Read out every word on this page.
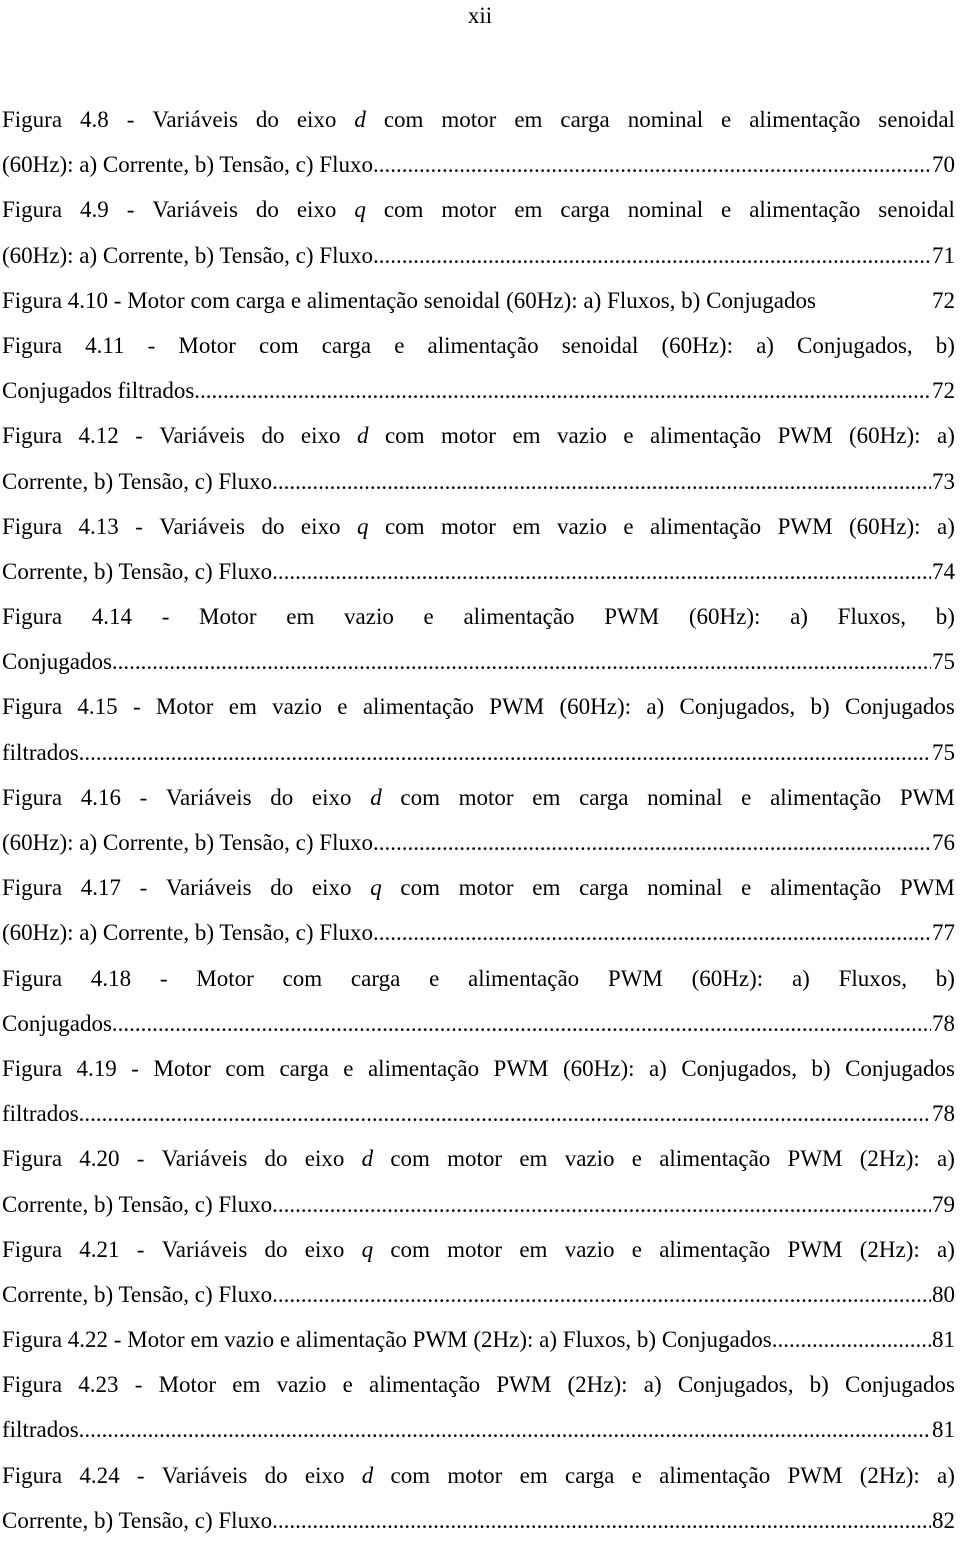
xii
Figura 4.8 - Variáveis do eixo d com motor em carga nominal e alimentação senoidal
(60Hz): a) Corrente, b) Tensão, c) Fluxo .....	70
Figura 4.9 - Variáveis do eixo q com motor em carga nominal e alimentação senoidal
(60Hz): a) Corrente, b) Tensão, c) Fluxo .....	71
Figura 4.10 - Motor com carga e alimentação senoidal (60Hz): a) Fluxos, b) Conjugados	72
Figura 4.11 - Motor com carga e alimentação senoidal (60Hz): a) Conjugados, b)
Conjugados filtrados .....	72
Figura 4.12 - Variáveis do eixo d com motor em vazio e alimentação PWM (60Hz): a)
Corrente, b) Tensão, c) Fluxo .....	73
Figura 4.13 - Variáveis do eixo q com motor em vazio e alimentação PWM (60Hz): a)
Corrente, b) Tensão, c) Fluxo .....	74
Figura 4.14 - Motor em vazio e alimentação PWM (60Hz): a) Fluxos, b)
Conjugados .....	75
Figura 4.15 - Motor em vazio e alimentação PWM (60Hz): a) Conjugados, b) Conjugados
filtrados .....	75
Figura 4.16 - Variáveis do eixo d com motor em carga nominal e alimentação PWM
(60Hz): a) Corrente, b) Tensão, c) Fluxo .....	76
Figura 4.17 - Variáveis do eixo q com motor em carga nominal e alimentação PWM
(60Hz): a) Corrente, b) Tensão, c) Fluxo .....	77
Figura 4.18 - Motor com carga e alimentação PWM (60Hz): a) Fluxos, b)
Conjugados .....	78
Figura 4.19 - Motor com carga e alimentação PWM (60Hz): a) Conjugados, b) Conjugados
filtrados .....	78
Figura 4.20 - Variáveis do eixo d com motor em vazio e alimentação PWM (2Hz): a)
Corrente, b) Tensão, c) Fluxo .....	79
Figura 4.21 - Variáveis do eixo q com motor em vazio e alimentação PWM (2Hz): a)
Corrente, b) Tensão, c) Fluxo .....	80
Figura 4.22 - Motor em vazio e alimentação PWM (2Hz): a) Fluxos, b) Conjugados .....	81
Figura 4.23 - Motor em vazio e alimentação PWM (2Hz): a) Conjugados, b) Conjugados
filtrados .....	81
Figura 4.24 - Variáveis do eixo d com motor em carga e alimentação PWM (2Hz): a)
Corrente, b) Tensão, c) Fluxo .....	82
